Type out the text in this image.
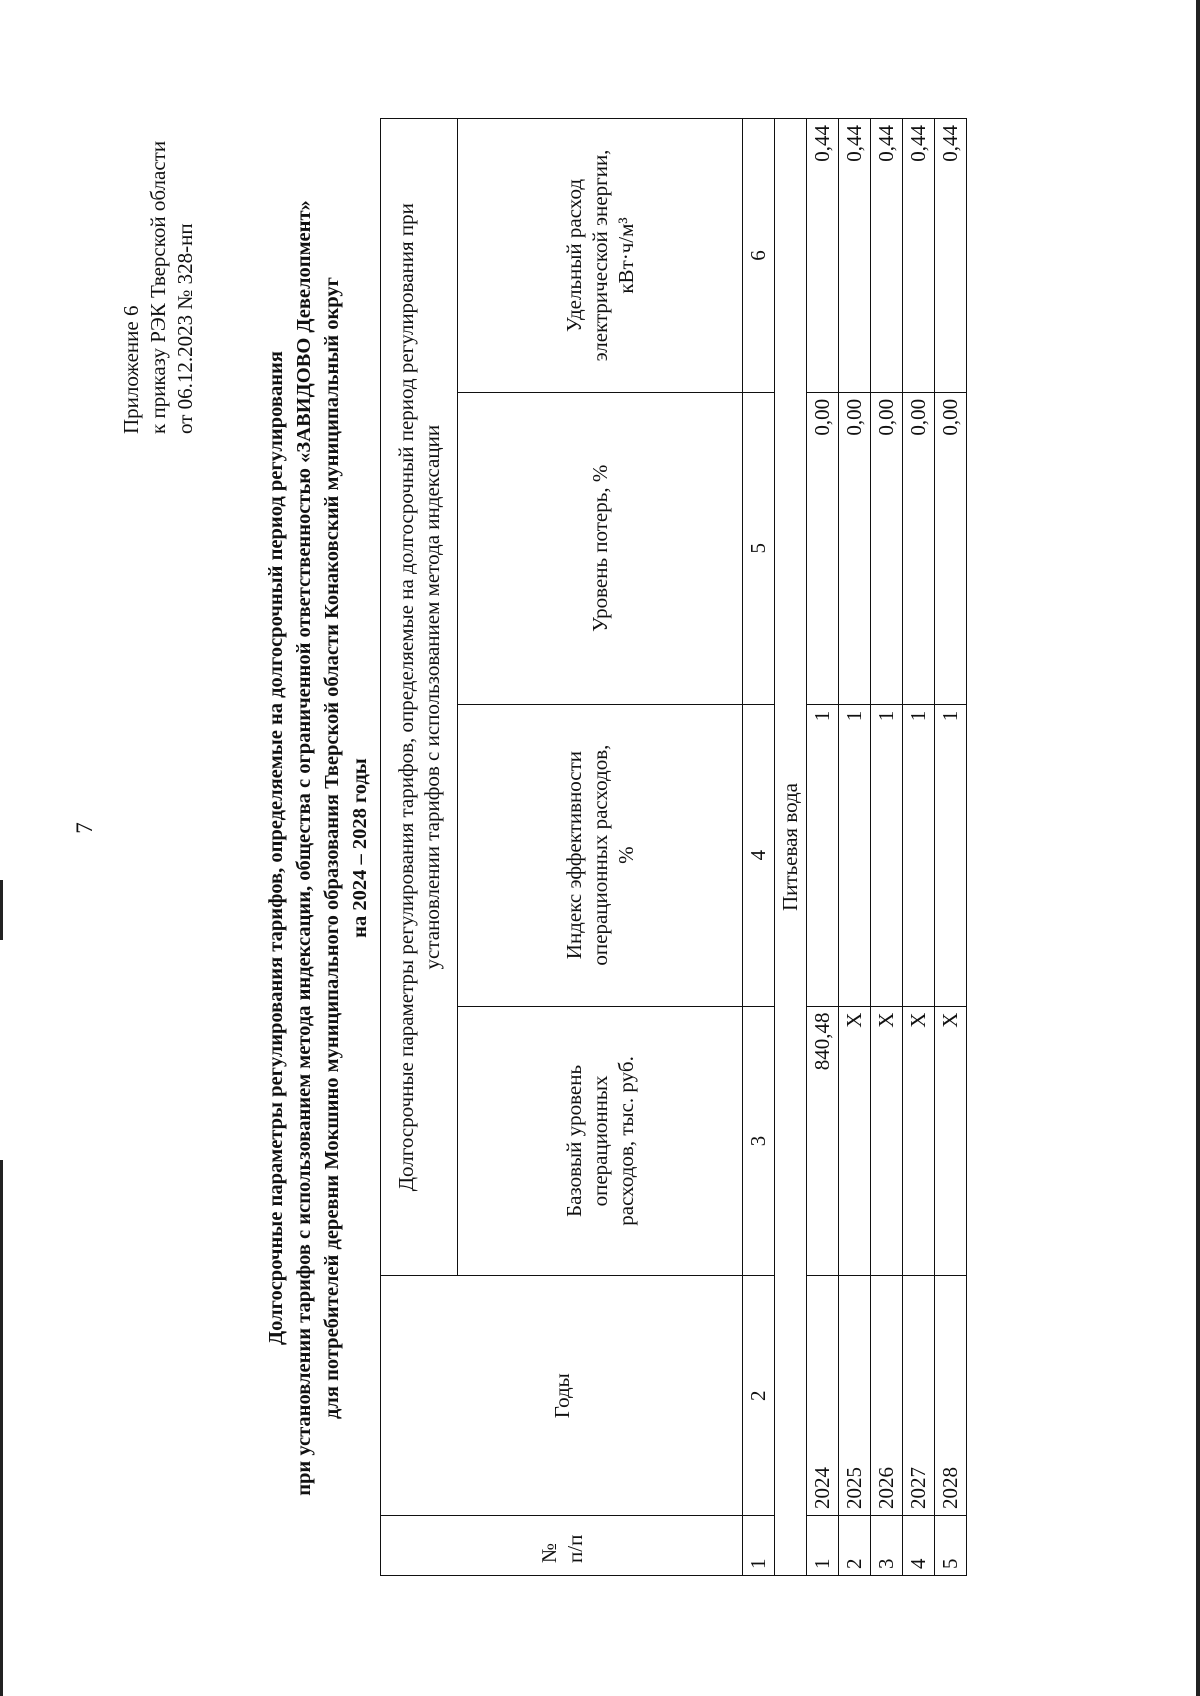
7
Приложение 6 к приказу РЭК Тверской области от 06.12.2023 № 328-нп
Долгосрочные параметры регулирования тарифов, определяемые на долгосрочный период регулирования при установлении тарифов с использованием метода индексации, общества с ограниченной ответственностью «ЗАВИДОВО Девелопмент» для потребителей деревни Мокшино муниципального образования Тверской области Конаковский муниципальный округ на 2024 – 2028 годы
№ п/п	Годы	Долгосрочные параметры регулирования тарифов, определяемые на долгосрочный период регулирования при установлении тарифов с использованием метода индексации			
		Базовый уровень операционных расходов, тыс. руб.	Индекс эффективности операционных расходов, %	Уровень потерь, %	Удельный расход электрической энергии, кВт·ч/м³
1	2	3	4	5	6
Питьевая вода					
1	2024	840,48	1	0,00	0,44
2	2025	Х	1	0,00	0,44
3	2026	Х	1	0,00	0,44
4	2027	Х	1	0,00	0,44
5	2028	Х	1	0,00	0,44
